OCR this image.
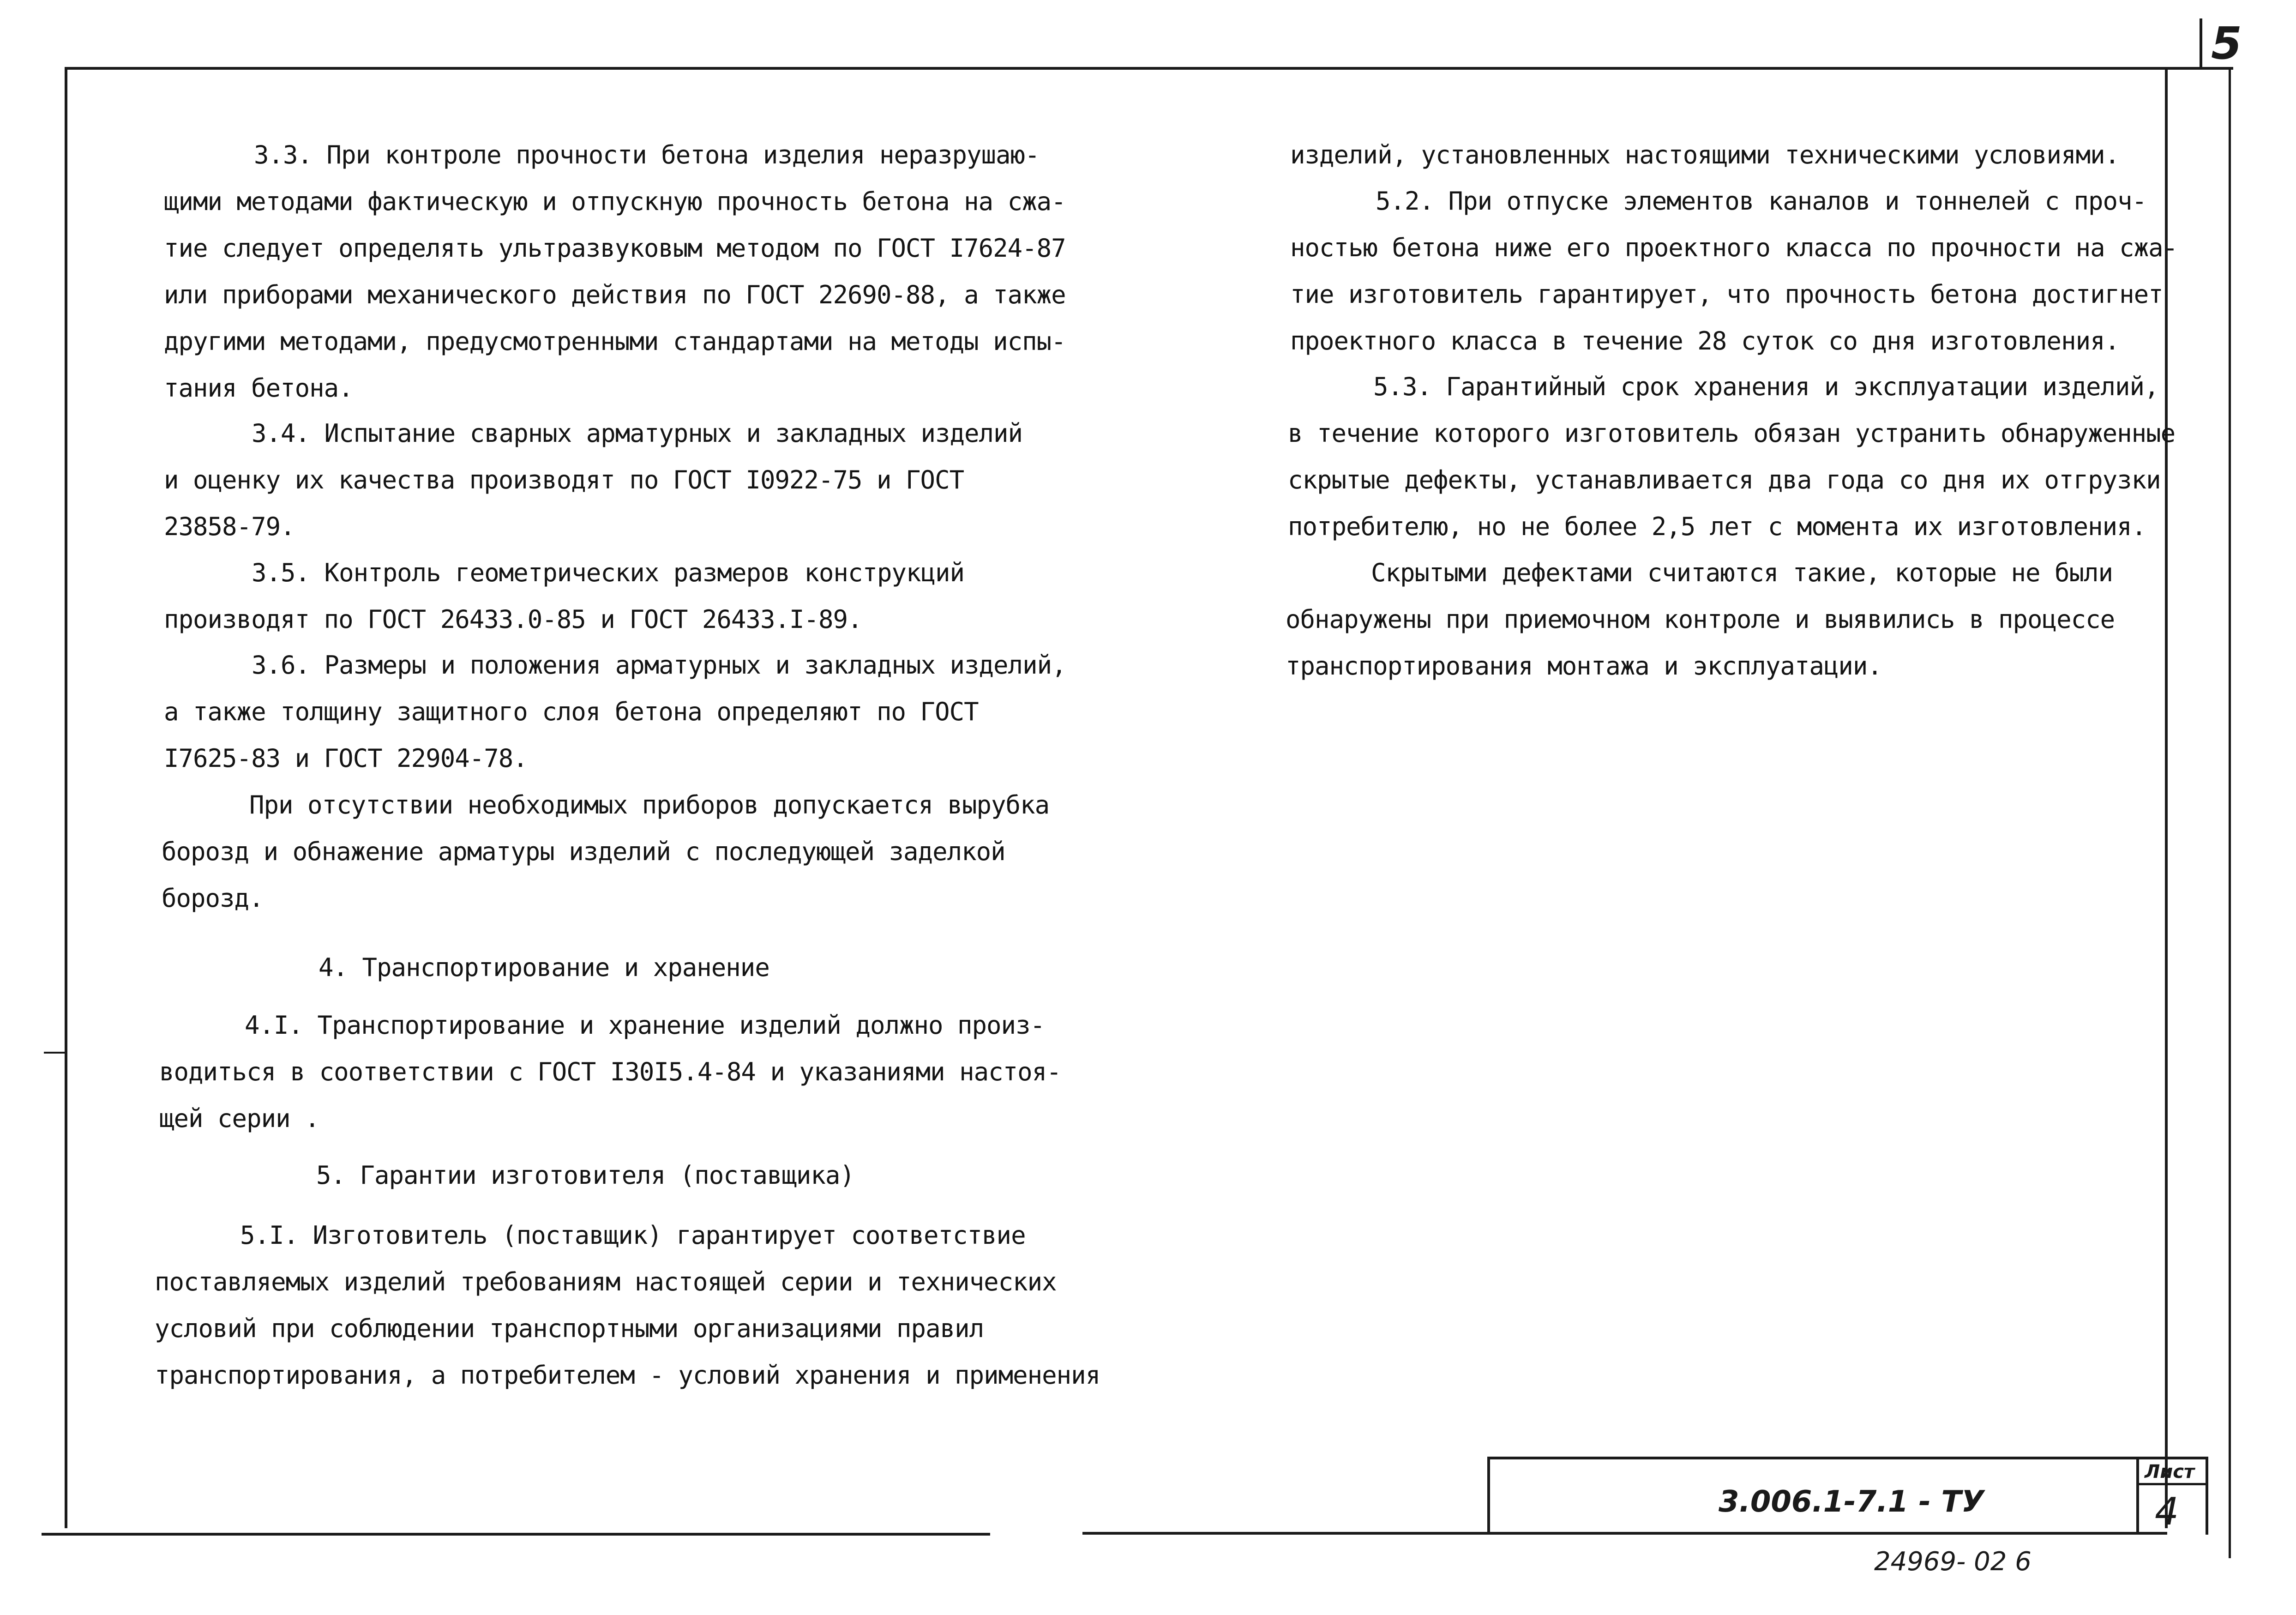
5
3.3. При контроле прочности бетона изделия неразрушаю-
щими методами фактическую и отпускную прочность бетона на сжа-
тие следует определять ультразвуковым методом по ГОСТ I7624-87
или приборами механического действия по ГОСТ 22690-88, а также
другими методами, предусмотренными стандартами на методы испы-
тания бетона.
3.4. Испытание сварных арматурных и закладных изделий
и оценку их качества производят по ГОСТ I0922-75 и ГОСТ
23858-79.
3.5. Контроль геометрических размеров конструкций
производят по ГОСТ 26433.0-85 и ГОСТ 26433.I-89.
3.6. Размеры и положения арматурных и закладных изделий,
а также толщину защитного слоя бетона определяют по ГОСТ
I7625-83 и ГОСТ 22904-78.
При отсутствии необходимых приборов допускается вырубка
борозд и обнажение арматуры изделий с последующей заделкой
борозд.
4. Транспортирование и хранение
4.I. Транспортирование и хранение изделий должно произ-
водиться в соответствии с ГОСТ I30I5.4-84 и указаниями настоя-
щей серии .
5. Гарантии изготовителя (поставщика)
5.I. Изготовитель (поставщик) гарантирует соответствие
поставляемых изделий требованиям настоящей серии и технических
условий при соблюдении транспортными организациями правил
транспортирования, а потребителем - условий хранения и применения
изделий, установленных настоящими техническими условиями.
5.2. При отпуске элементов каналов и тоннелей с проч-
ностью бетона ниже его проектного класса по прочности на сжа-
тие изготовитель гарантирует, что прочность бетона достигнет
проектного класса в течение 28 суток со дня изготовления.
5.3. Гарантийный срок хранения и эксплуатации изделий,
в течение которого изготовитель обязан устранить обнаруженные
скрытые дефекты, устанавливается два года со дня их отгрузки
потребителю, но не более 2,5 лет с момента их изготовления.
Скрытыми дефектами считаются такие, которые не были
обнаружены при приемочном контроле и выявились в процессе
транспортирования монтажа и эксплуатации.
3.006.1-7.1 - ТУ
Лист
4
24969- 02 6
